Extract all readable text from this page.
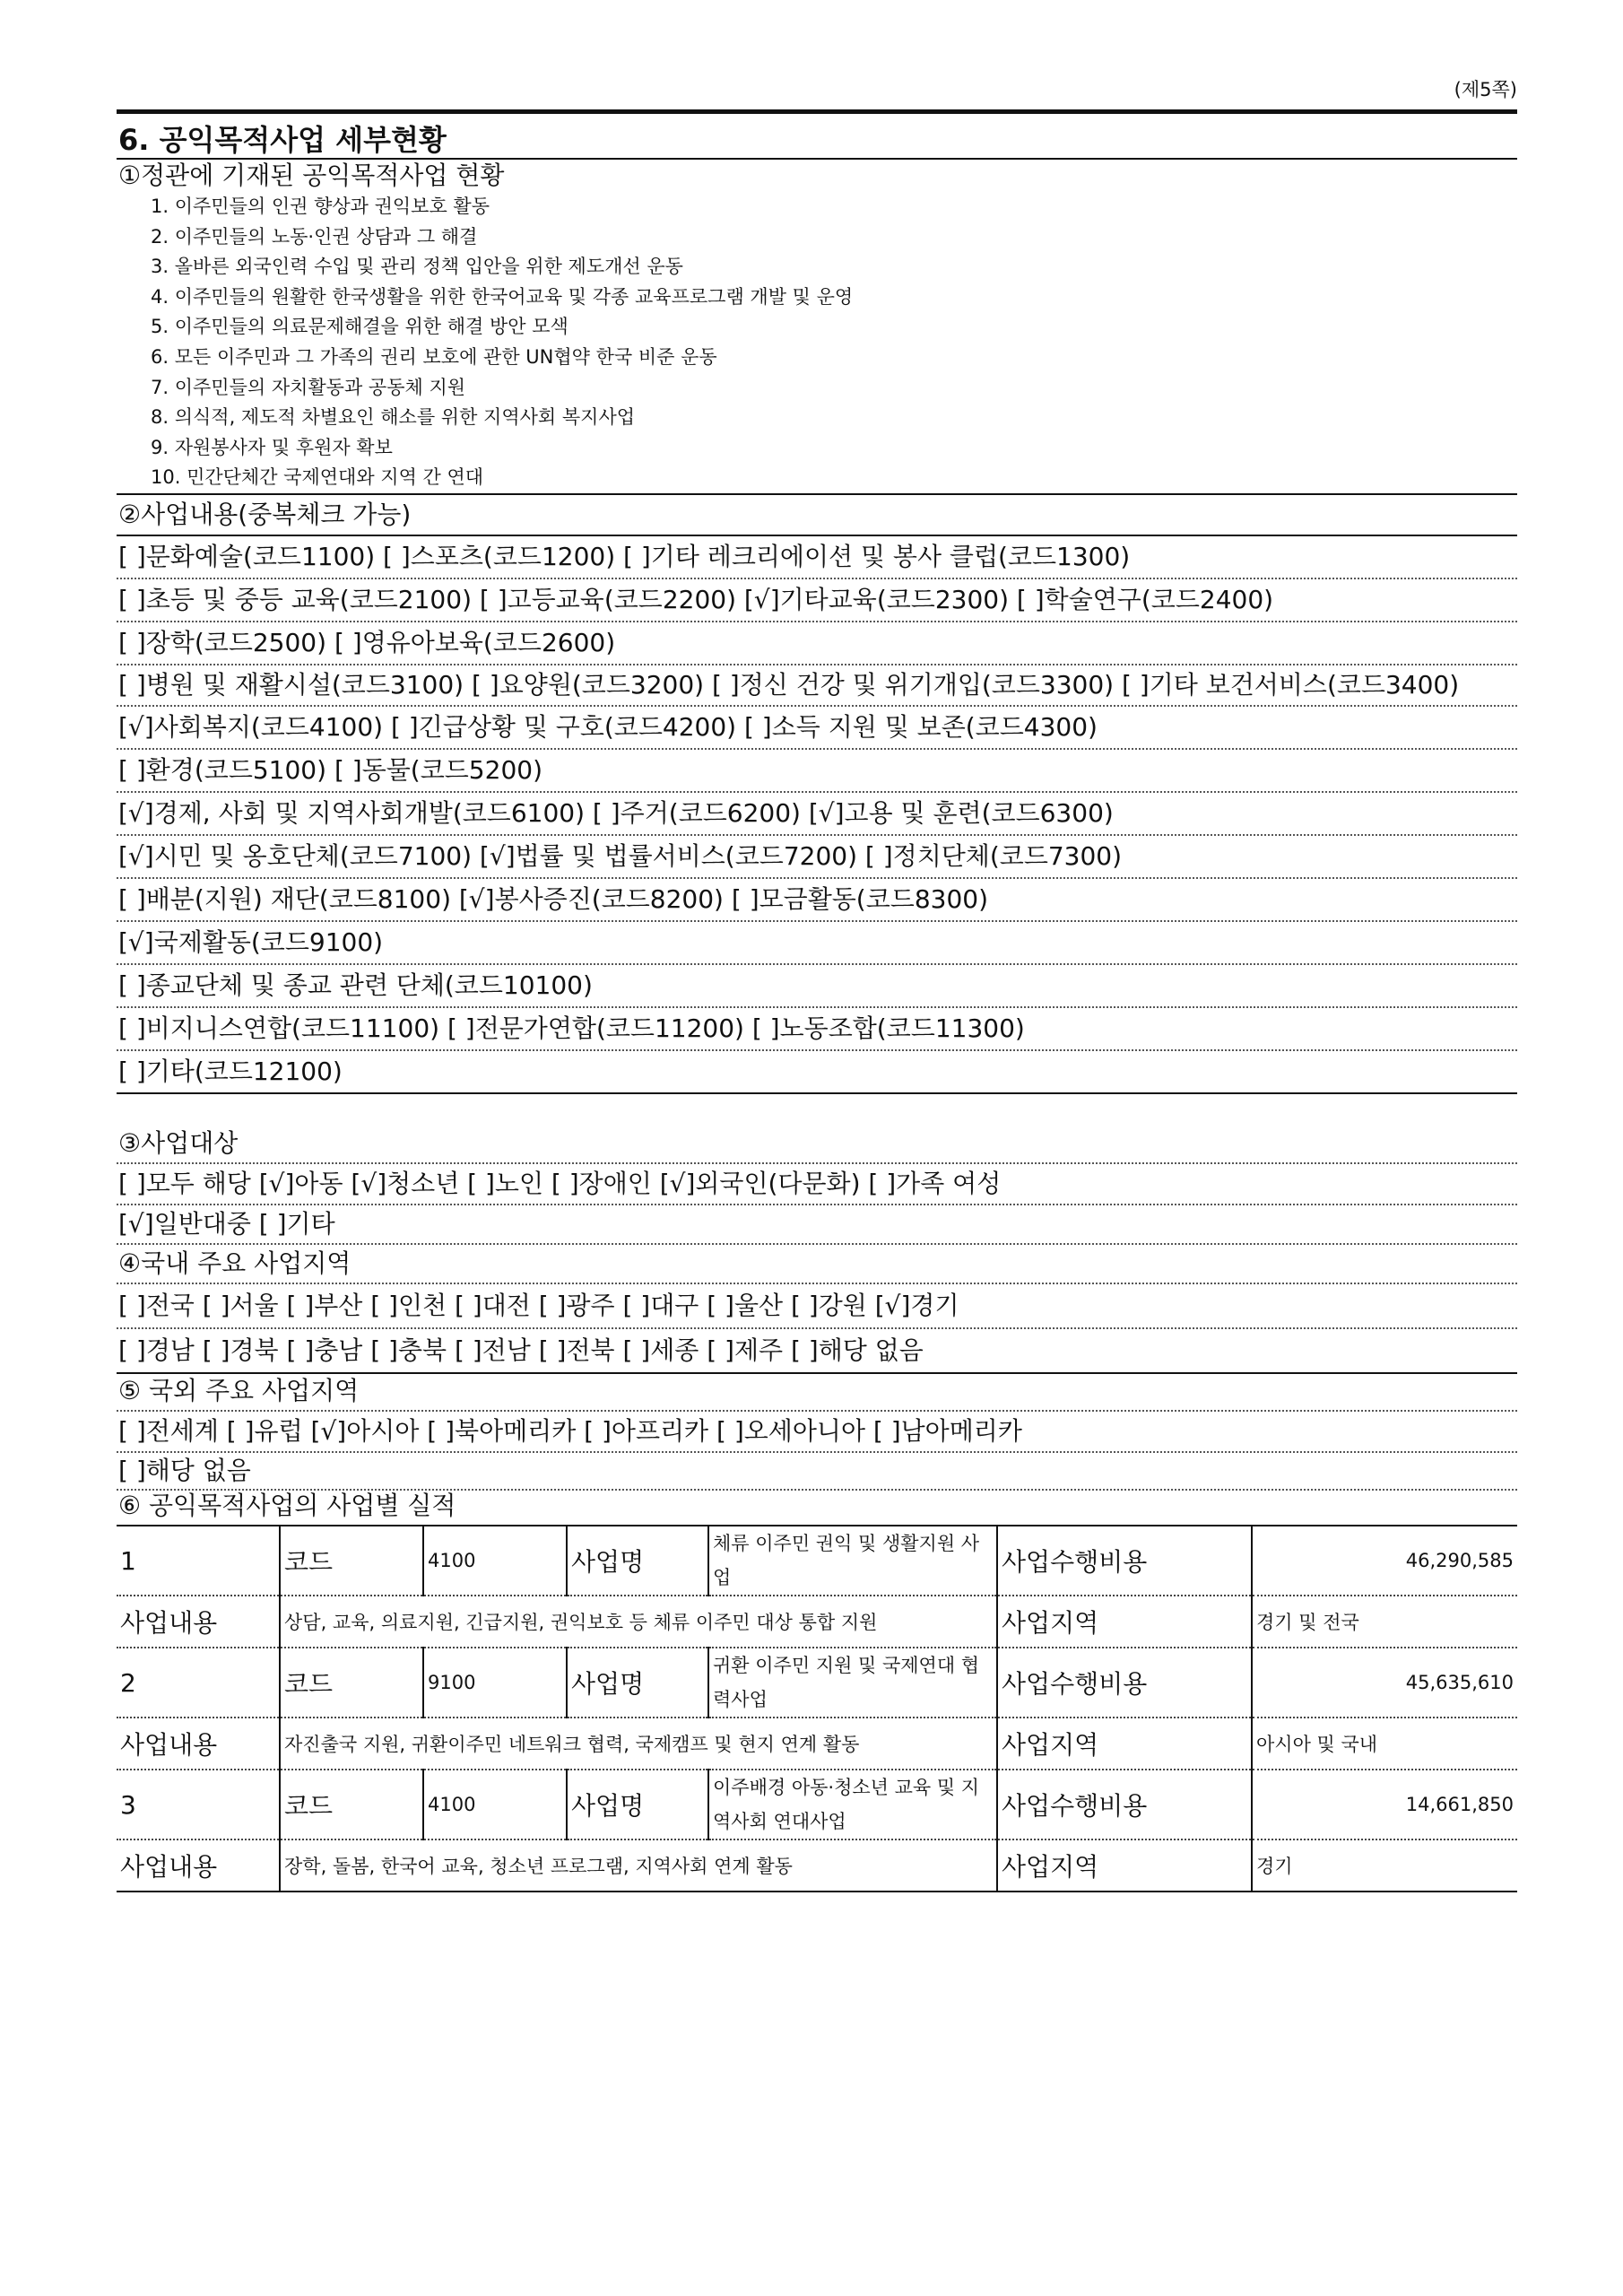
(제5쪽)
6. 공익목적사업 세부현황
①정관에 기재된 공익목적사업 현황
1. 이주민들의 인권 향상과 권익보호 활동
2. 이주민들의 노동·인권 상담과 그 해결
3. 올바른 외국인력 수입 및 관리 정책 입안을 위한 제도개선 운동
4. 이주민들의 원활한 한국생활을 위한 한국어교육 및 각종 교육프로그램 개발 및 운영
5. 이주민들의 의료문제해결을 위한 해결 방안 모색
6. 모든 이주민과 그 가족의 권리 보호에 관한 UN협약 한국 비준 운동
7. 이주민들의 자치활동과 공동체 지원
8. 의식적, 제도적 차별요인 해소를 위한 지역사회 복지사업
9. 자원봉사자 및 후원자 확보
10. 민간단체간 국제연대와 지역 간 연대
②사업내용(중복체크 가능)
[ ]문화예술(코드1100) [ ]스포츠(코드1200) [ ]기타 레크리에이션 및 봉사 클럽(코드1300)
[ ]초등 및 중등 교육(코드2100) [ ]고등교육(코드2200) [√]기타교육(코드2300) [ ]학술연구(코드2400)
[ ]장학(코드2500) [ ]영유아보육(코드2600)
[ ]병원 및 재활시설(코드3100) [ ]요양원(코드3200) [ ]정신 건강 및 위기개입(코드3300) [ ]기타 보건서비스(코드3400)
[√]사회복지(코드4100) [ ]긴급상황 및 구호(코드4200) [ ]소득 지원 및 보존(코드4300)
[ ]환경(코드5100) [ ]동물(코드5200)
[√]경제, 사회 및 지역사회개발(코드6100) [ ]주거(코드6200) [√]고용 및 훈련(코드6300)
[√]시민 및 옹호단체(코드7100) [√]법률 및 법률서비스(코드7200) [ ]정치단체(코드7300)
[ ]배분(지원) 재단(코드8100) [√]봉사증진(코드8200) [ ]모금활동(코드8300)
[√]국제활동(코드9100)
[ ]종교단체 및 종교 관련 단체(코드10100)
[ ]비지니스연합(코드11100) [ ]전문가연합(코드11200) [ ]노동조합(코드11300)
[ ]기타(코드12100)
③사업대상
[ ]모두 해당 [√]아동 [√]청소년 [ ]노인 [ ]장애인 [√]외국인(다문화) [ ]가족 여성
[√]일반대중 [ ]기타
④국내 주요 사업지역
[ ]전국 [ ]서울 [ ]부산 [ ]인천 [ ]대전 [ ]광주 [ ]대구 [ ]울산 [ ]강원 [√]경기
[ ]경남 [ ]경북 [ ]충남 [ ]충북 [ ]전남 [ ]전북 [ ]세종 [ ]제주 [ ]해당 없음
⑤ 국외 주요 사업지역
[ ]전세계 [ ]유럽 [√]아시아 [ ]북아메리카 [ ]아프리카 [ ]오세아니아 [ ]남아메리카
[ ]해당 없음
⑥ 공익목적사업의 사업별 실적
1	코드	4100	사업명	체류 이주민 권익 및 생활지원 사업	사업수행비용	46,290,585
사업내용	상담, 교육, 의료지원, 긴급지원, 권익보호 등 체류 이주민 대상 통합 지원				사업지역	경기 및 전국
2	코드	9100	사업명	귀환 이주민 지원 및 국제연대 협력사업	사업수행비용	45,635,610
사업내용	자진출국 지원, 귀환이주민 네트워크 협력, 국제캠프 및 현지 연계 활동				사업지역	아시아 및 국내
3	코드	4100	사업명	이주배경 아동·청소년 교육 및 지역사회 연대사업	사업수행비용	14,661,850
사업내용	장학, 돌봄, 한국어 교육, 청소년 프로그램, 지역사회 연계 활동				사업지역	경기
